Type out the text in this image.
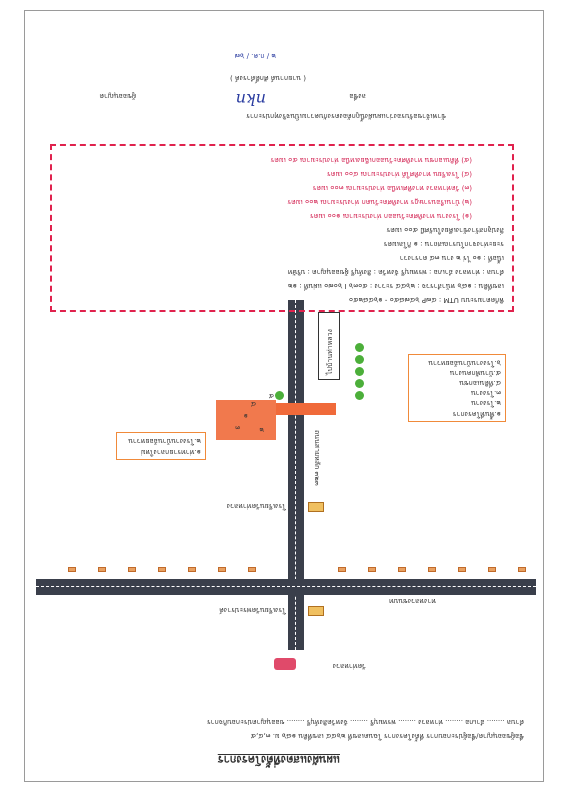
แผนผังแสดงที่ตั้งโครงการ
ชื่อผู้ขออนุญาต/ชื่อผู้ประกอบการ ที่ตั้งโครงการ โฉนดเลขที่ ๒๖๔๔ เลขที่ดิน ๑๘๖ ม. ๓,๔,๕
ตำบล ........ อำเภอ ........ ท่าหลวง ........ พรหมบุรี ........ จังหวัดสิงห์บุรี ........ ขออนุญาตประกอบกิจการ
วัดท่าหลวง
ทางหลวงชนบท
โรงเรียนวัดพระปรางค์
โรงเรียนวัดท่าหลวง
ถนนสายหลัก ๓๒๓
๑.ท่าทรายกลางใหม่
๒.โรงงานบ้านอ้อยหวาน
๑
๒
๓
๔
๕
๑.พื้นที่โครงการ
๒.โรงงาน
๓.โรงงาน
๔.ที่ดินเอกชน
๕.บ้านพักคนงาน
๖.โรงงานบ้านอ้อยหวาน
ไปบ้านท่าหลวง
พิกัดตามระบบ UTM : ๔๗P ๖๔๗๘๕๐ - ๑๖๔๘๒๕๐
เลขที่ดิน : ๑๘๖ หน้าสำรวจ : ๒๖๔๔ ระวาง : ๕๐๓๖ I ๖๐๗๐ แผ่นที่ : ๑๒
ตำบล : ท่าหลวง อำเภอ : พรหมบุรี จังหวัด : สิงห์บุรี ผู้ขออนุญาต : บริษัท
เนื้อที่ : ๑๐ ไร่ ๒ งาน ๓๔ ตารางวา
ระยะห่างจากโบราณสถาน : ๑ กิโลเมตร
สิ่งปลูกสร้างข้างเคียงในรัศมี ๕๐๐ เมตร
(๑) โรงงาน ทางทิศตะวันออก ห่างประมาณ ๑๐๐ เมตร
(๒) บ้านเรือนราษฎร ทางทิศตะวันตก ห่างประมาณ ๒๐๐ เมตร
(๓) วัดท่าหลวง ทางทิศเหนือ ห่างประมาณ ๓๐๐ เมตร
(๔) โรงเรียน ทางทิศใต้ ห่างประมาณ ๔๐๐ เมตร
(๕) ที่ดินเอกชน ทางทิศตะวันออกเฉียงเหนือ ห่างประมาณ ๕๐ เมตร
ข้าพเจ้าขอรับรองว่าแผนผังนี้ถูกต้องตรงกับความเป็นจริงทุกประการ
ลงชื่อ
nkn
ผู้ขออนุญาต
( นายกานต์ ศักดิ์ดำรงค์ )
๒ / ก.ค. / ๖๗
